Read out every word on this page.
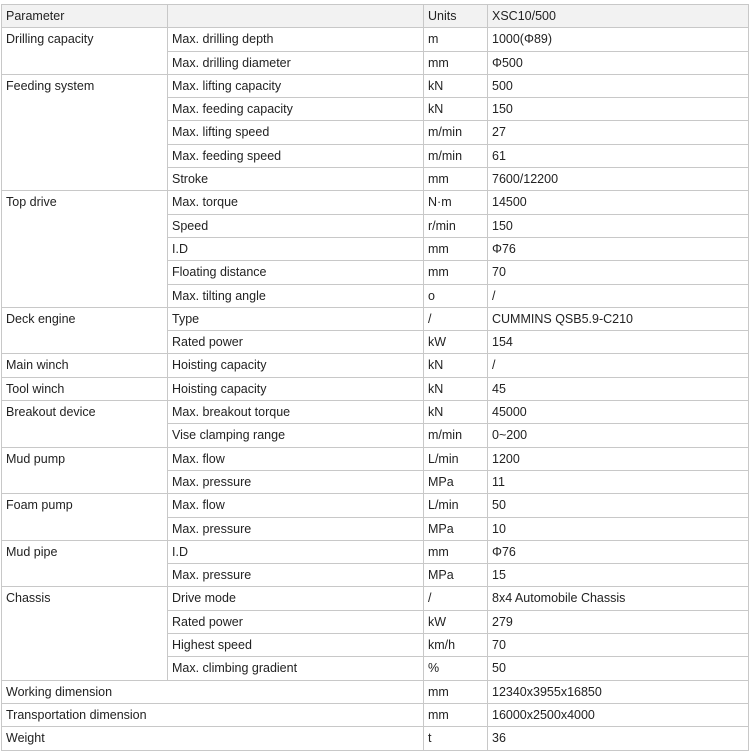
Parameter		Units	XSC10/500
Drilling capacity	Max. drilling depth	m	1000(Φ89)
	Max. drilling diameter	mm	Φ500
Feeding system	Max. lifting capacity	kN	500
	Max. feeding capacity	kN	150
	Max. lifting speed	m/min	27
	Max. feeding speed	m/min	61
	Stroke	mm	7600/12200
Top drive	Max. torque	N·m	14500
	Speed	r/min	150
	I.D	mm	Φ76
	Floating distance	mm	70
	Max. tilting angle	o	/
Deck engine	Type	/	CUMMINS QSB5.9-C210
	Rated power	kW	154
Main winch	Hoisting capacity	kN	/
Tool winch	Hoisting capacity	kN	45
Breakout device	Max. breakout torque	kN	45000
	Vise clamping range	m/min	0~200
Mud pump	Max. flow	L/min	1200
	Max. pressure	MPa	11
Foam pump	Max. flow	L/min	50
	Max. pressure	MPa	10
Mud pipe	I.D	mm	Φ76
	Max. pressure	MPa	15
Chassis	Drive mode	/	8x4 Automobile Chassis
	Rated power	kW	279
	Highest speed	km/h	70
	Max. climbing gradient	%	50
Working dimension		mm	12340x3955x16850
Transportation dimension		mm	16000x2500x4000
Weight		t	36
